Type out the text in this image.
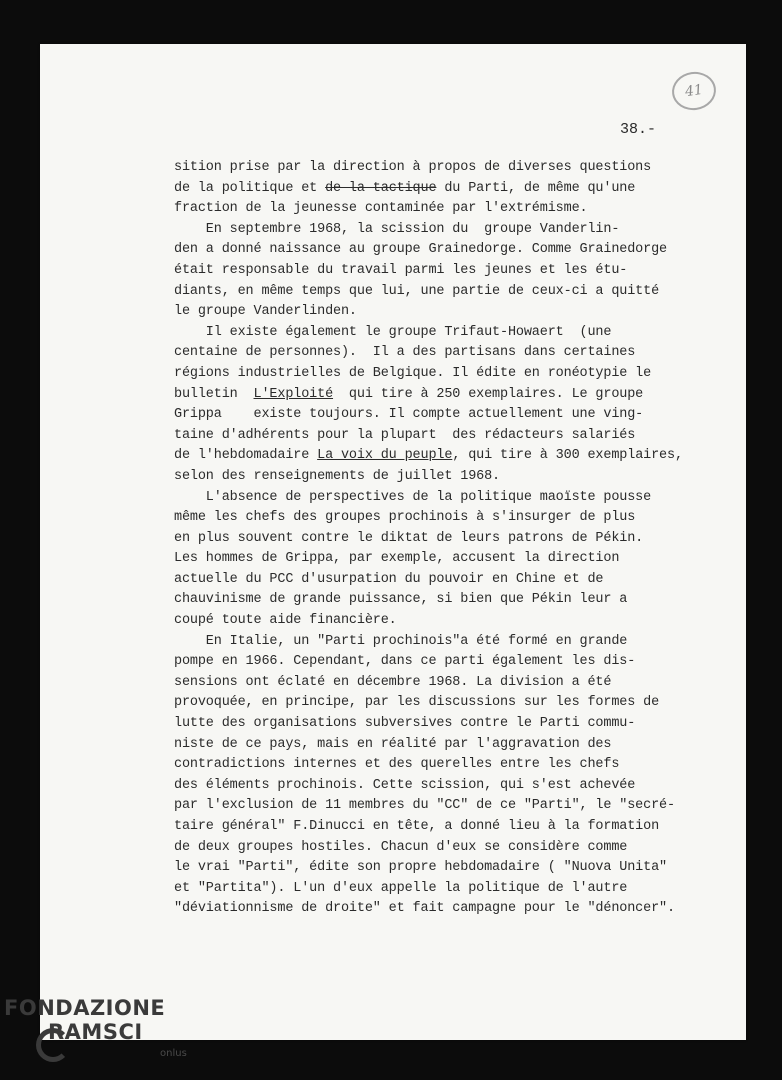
41
38.-
sition prise par la direction à propos de diverses questions
de la politique et de la tactique du Parti, de même qu'une
fraction de la jeunesse contaminée par l'extrémisme.
En septembre 1968, la scission du  groupe Vanderlin-
den a donné naissance au groupe Grainedorge. Comme Grainedorge
était responsable du travail parmi les jeunes et les étu-
diants, en même temps que lui, une partie de ceux-ci a quitté
le groupe Vanderlinden.
Il existe également le groupe Trifaut-Howaert  (une
centaine de personnes).  Il a des partisans dans certaines
régions industrielles de Belgique. Il édite en ronéotypie le
bulletin  L'Exploité  qui tire à 250 exemplaires. Le groupe
Grippa    existe toujours. Il compte actuellement une ving-
taine d'adhérents pour la plupart  des rédacteurs salariés
de l'hebdomadaire La voix du peuple, qui tire à 300 exemplaires,
selon des renseignements de juillet 1968.
L'absence de perspectives de la politique maoïste pousse
même les chefs des groupes prochinois à s'insurger de plus
en plus souvent contre le diktat de leurs patrons de Pékin.
Les hommes de Grippa, par exemple, accusent la direction
actuelle du PCC d'usurpation du pouvoir en Chine et de
chauvinisme de grande puissance, si bien que Pékin leur a
coupé toute aide financière.
En Italie, un "Parti prochinois"a été formé en grande
pompe en 1966. Cependant, dans ce parti également les dis-
sensions ont éclaté en décembre 1968. La division a été
provoquée, en principe, par les discussions sur les formes de
lutte des organisations subversives contre le Parti commu-
niste de ce pays, mais en réalité par l'aggravation des
contradictions internes et des querelles entre les chefs
des éléments prochinois. Cette scission, qui s'est achevée
par l'exclusion de 11 membres du "CC" de ce "Parti", le "secré-
taire général" F.Dinucci en tête, a donné lieu à la formation
de deux groupes hostiles. Chacun d'eux se considère comme
le vrai "Parti", édite son propre hebdomadaire ( "Nuova Unita"
et "Partita"). L'un d'eux appelle la politique de l'autre
"déviationnisme de droite" et fait campagne pour le "dénoncer".
FONDAZIONE
RAMSCI
onlus
